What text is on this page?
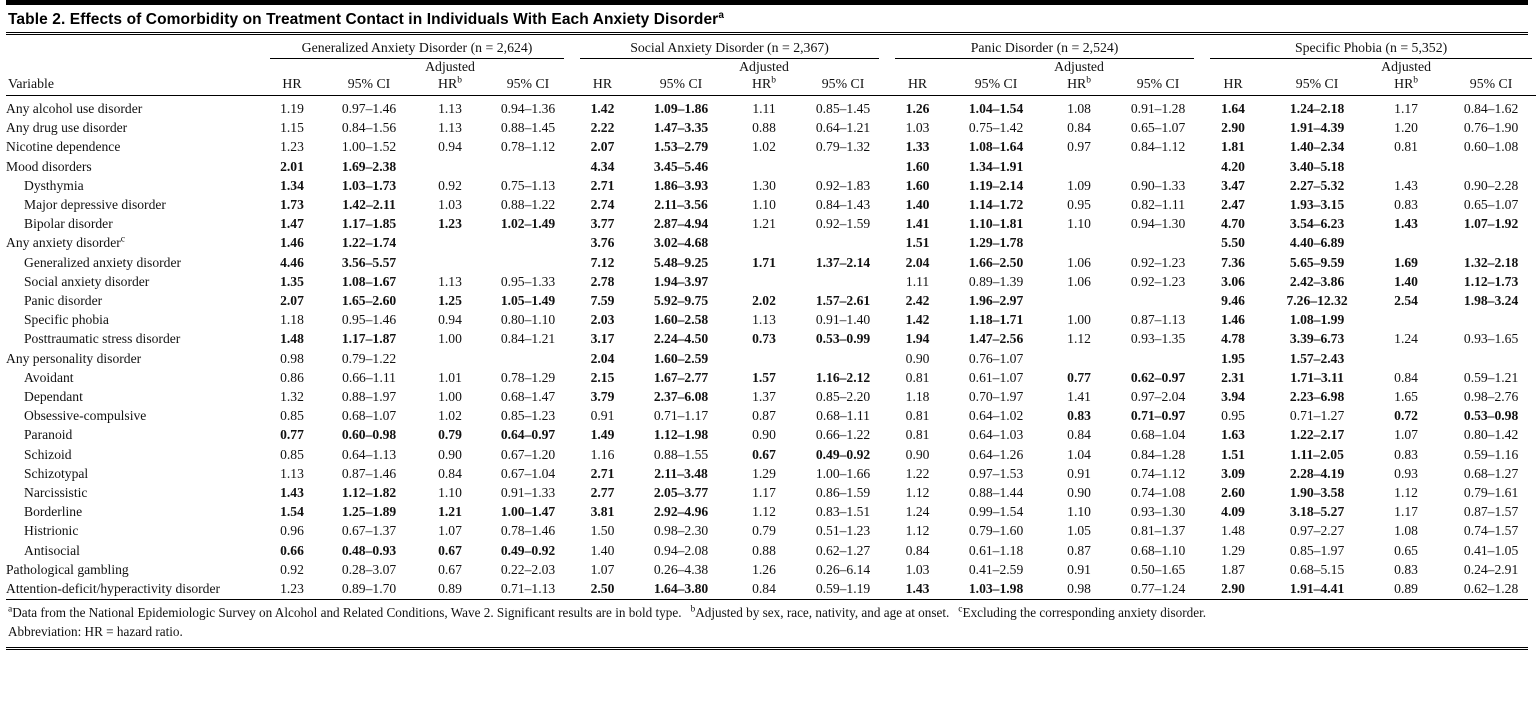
Table 2. Effects of Comorbidity on Treatment Contact in Individuals With Each Anxiety Disorder$^a$

	Generalized Anxiety Disorder (n = 2,624)				Social Anxiety Disorder (n = 2,367)				Panic Disorder (n = 2,524)				Specific Phobia (n = 5,352)			

			Adjusted				Adjusted				Adjusted				Adjusted	
Variable	HR	95% CI	$HR^b$	95% CI	HR	95% CI	$HR^b$	95% CI	HR	95% CI	$HR^b$	95% CI	HR	95% CI	$HR^b$	95% CI

Any alcohol use disorder	1.19	0.97–1.46	1.13	0.94–1.36	1.42	1.09–1.86	1.11	0.85–1.45	1.26	1.04–1.54	1.08	0.91–1.28	1.64	1.24–2.18	1.17	0.84–1.62

Any drug use disorder	1.15	0.84–1.56	1.13	0.88–1.45	2.22	1.47–3.35	0.88	0.64–1.21	1.03	0.75–1.42	0.84	0.65–1.07	2.90	1.91–4.39	1.20	0.76–1.90

Nicotine dependence	1.23	1.00–1.52	0.94	0.78–1.12	2.07	1.53–2.79	1.02	0.79–1.32	1.33	1.08–1.64	0.97	0.84–1.12	1.81	1.40–2.34	0.81	0.60–1.08

Mood disorders	2.01	1.69–2.38			4.34	3.45–5.46			1.60	1.34–1.91			4.20	3.40–5.18		

Dysthymia	1.34	1.03–1.73	0.92	0.75–1.13	2.71	1.86–3.93	1.30	0.92–1.83	1.60	1.19–2.14	1.09	0.90–1.33	3.47	2.27–5.32	1.43	0.90–2.28

Major depressive disorder	1.73	1.42–2.11	1.03	0.88–1.22	2.74	2.11–3.56	1.10	0.84–1.43	1.40	1.14–1.72	0.95	0.82–1.11	2.47	1.93–3.15	0.83	0.65–1.07

Bipolar disorder	1.47	1.17–1.85	1.23	1.02–1.49	3.77	2.87–4.94	1.21	0.92–1.59	1.41	1.10–1.81	1.10	0.94–1.30	4.70	3.54–6.23	1.43	1.07–1.92

Any anxiety disorder$^c$	1.46	1.22–1.74			3.76	3.02–4.68			1.51	1.29–1.78			5.50	4.40–6.89		

Generalized anxiety disorder	4.46	3.56–5.57			7.12	5.48–9.25	1.71	1.37–2.14	2.04	1.66–2.50	1.06	0.92–1.23	7.36	5.65–9.59	1.69	1.32–2.18

Social anxiety disorder	1.35	1.08–1.67	1.13	0.95–1.33	2.78	1.94–3.97			1.11	0.89–1.39	1.06	0.92–1.23	3.06	2.42–3.86	1.40	1.12–1.73

Panic disorder	2.07	1.65–2.60	1.25	1.05–1.49	7.59	5.92–9.75	2.02	1.57–2.61	2.42	1.96–2.97			9.46	7.26–12.32	2.54	1.98–3.24

Specific phobia	1.18	0.95–1.46	0.94	0.80–1.10	2.03	1.60–2.58	1.13	0.91–1.40	1.42	1.18–1.71	1.00	0.87–1.13	1.46	1.08–1.99		

Posttraumatic stress disorder	1.48	1.17–1.87	1.00	0.84–1.21	3.17	2.24–4.50	0.73	0.53–0.99	1.94	1.47–2.56	1.12	0.93–1.35	4.78	3.39–6.73	1.24	0.93–1.65

Any personality disorder	0.98	0.79–1.22			2.04	1.60–2.59			0.90	0.76–1.07			1.95	1.57–2.43		

Avoidant	0.86	0.66–1.11	1.01	0.78–1.29	2.15	1.67–2.77	1.57	1.16–2.12	0.81	0.61–1.07	0.77	0.62–0.97	2.31	1.71–3.11	0.84	0.59–1.21

Dependant	1.32	0.88–1.97	1.00	0.68–1.47	3.79	2.37–6.08	1.37	0.85–2.20	1.18	0.70–1.97	1.41	0.97–2.04	3.94	2.23–6.98	1.65	0.98–2.76

Obsessive-compulsive	0.85	0.68–1.07	1.02	0.85–1.23	0.91	0.71–1.17	0.87	0.68–1.11	0.81	0.64–1.02	0.83	0.71–0.97	0.95	0.71–1.27	0.72	0.53–0.98

Paranoid	0.77	0.60–0.98	0.79	0.64–0.97	1.49	1.12–1.98	0.90	0.66–1.22	0.81	0.64–1.03	0.84	0.68–1.04	1.63	1.22–2.17	1.07	0.80–1.42

Schizoid	0.85	0.64–1.13	0.90	0.67–1.20	1.16	0.88–1.55	0.67	0.49–0.92	0.90	0.64–1.26	1.04	0.84–1.28	1.51	1.11–2.05	0.83	0.59–1.16

Schizotypal	1.13	0.87–1.46	0.84	0.67–1.04	2.71	2.11–3.48	1.29	1.00–1.66	1.22	0.97–1.53	0.91	0.74–1.12	3.09	2.28–4.19	0.93	0.68–1.27

Narcissistic	1.43	1.12–1.82	1.10	0.91–1.33	2.77	2.05–3.77	1.17	0.86–1.59	1.12	0.88–1.44	0.90	0.74–1.08	2.60	1.90–3.58	1.12	0.79–1.61

Borderline	1.54	1.25–1.89	1.21	1.00–1.47	3.81	2.92–4.96	1.12	0.83–1.51	1.24	0.99–1.54	1.10	0.93–1.30	4.09	3.18–5.27	1.17	0.87–1.57

Histrionic	0.96	0.67–1.37	1.07	0.78–1.46	1.50	0.98–2.30	0.79	0.51–1.23	1.12	0.79–1.60	1.05	0.81–1.37	1.48	0.97–2.27	1.08	0.74–1.57

Antisocial	0.66	0.48–0.93	0.67	0.49–0.92	1.40	0.94–2.08	0.88	0.62–1.27	0.84	0.61–1.18	0.87	0.68–1.10	1.29	0.85–1.97	0.65	0.41–1.05

Pathological gambling	0.92	0.28–3.07	0.67	0.22–2.03	1.07	0.26–4.38	1.26	0.26–6.14	1.03	0.41–2.59	0.91	0.50–1.65	1.87	0.68–5.15	0.83	0.24–2.91

Attention-deficit/hyperactivity disorder	1.23	0.89–1.70	0.89	0.71–1.13	2.50	1.64–3.80	0.84	0.59–1.19	1.43	1.03–1.98	0.98	0.77–1.24	2.90	1.91–4.41	0.89	0.62–1.28
$^a$Data from the National Epidemiologic Survey on Alcohol and Related Conditions, Wave 2. Significant results are in bold type. $^b$Adjusted by sex, race, nativity, and age at onset. $^c$Excluding the corresponding anxiety disorder.
Abbreviation: HR = hazard ratio.
